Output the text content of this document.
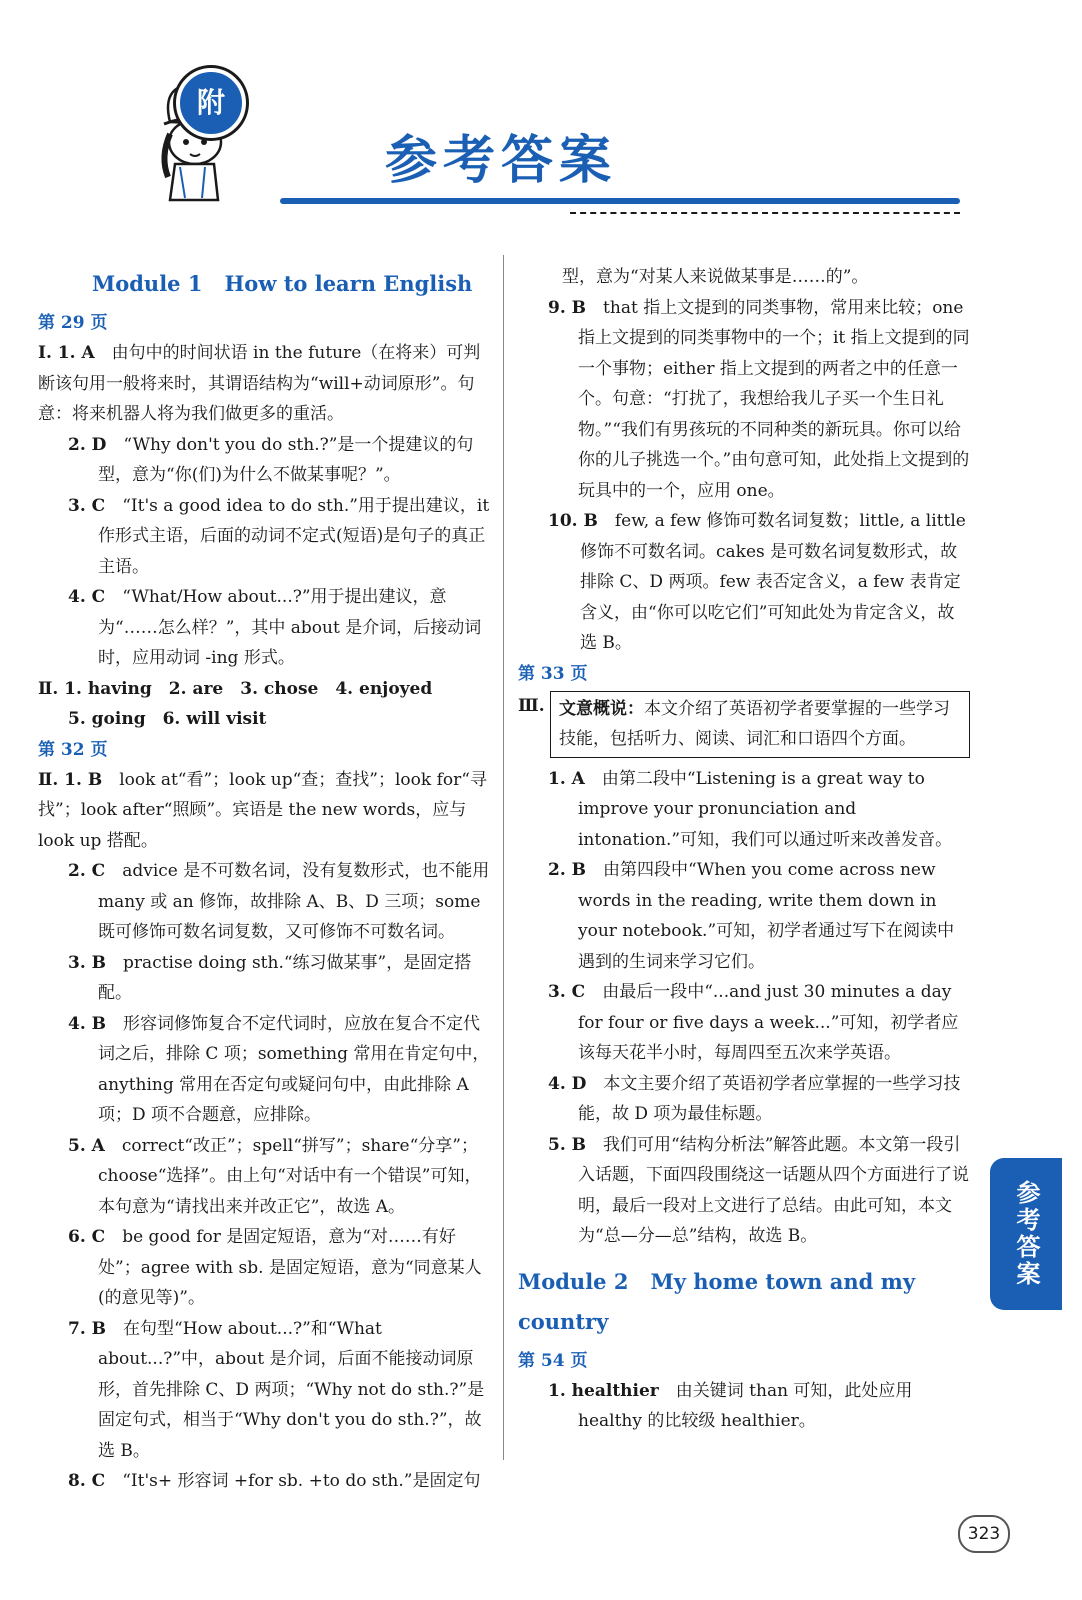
附
参考答案
Module 1 How to learn English
第 29 页
Ⅰ. 1. A　 由句中的时间状语 in the future（在将来）可判断该句用一般将来时，其谓语结构为“will+动词原形”。句意：将来机器人将为我们做更多的重活。
2. D　 “Why don't you do sth.?”是一个提建议的句型，意为“你(们)为什么不做某事呢？”。
3. C　 “It's a good idea to do sth.”用于提出建议，it 作形式主语，后面的动词不定式(短语)是句子的真正主语。
4. C　 “What/How about...?”用于提出建议，意为“……怎么样？”，其中 about 是介词，后接动词时，应用动词 -ing 形式。
Ⅱ. 1. having　2. are　3. chose　4. enjoyed
5. going　6. will visit
第 32 页
Ⅱ. 1. B　 look at“看”；look up“查；查找”；look for“寻找”；look after“照顾”。宾语是 the new words，应与 look up 搭配。
2. C　 advice 是不可数名词，没有复数形式，也不能用 many 或 an 修饰，故排除 A、B、D 三项；some 既可修饰可数名词复数，又可修饰不可数名词。
3. B　 practise doing sth.“练习做某事”，是固定搭配。
4. B　 形容词修饰复合不定代词时，应放在复合不定代词之后，排除 C 项；something 常用在肯定句中，anything 常用在否定句或疑问句中，由此排除 A 项；D 项不合题意，应排除。
5. A　 correct“改正”；spell“拼写”；share“分享”；choose“选择”。由上句“对话中有一个错误”可知，本句意为“请找出来并改正它”，故选 A。
6. C　 be good for 是固定短语，意为“对……有好处”；agree with sb. 是固定短语，意为“同意某人(的意见等)”。
7. B　 在句型“How about...?”和“What about...?”中，about 是介词，后面不能接动词原形，首先排除 C、D 两项；“Why not do sth.?”是固定句式，相当于“Why don't you do sth.?”，故选 B。
8. C　 “It's+ 形容词 +for sb. +to do sth.”是固定句
型，意为“对某人来说做某事是……的”。
9. B　 that 指上文提到的同类事物，常用来比较；one 指上文提到的同类事物中的一个；it 指上文提到的同一个事物；either 指上文提到的两者之中的任意一个。句意：“打扰了，我想给我儿子买一个生日礼物。”“我们有男孩玩的不同种类的新玩具。你可以给你的儿子挑选一个。”由句意可知，此处指上文提到的玩具中的一个，应用 one。
10. B　 few, a few 修饰可数名词复数；little, a little 修饰不可数名词。cakes 是可数名词复数形式，故排除 C、D 两项。few 表否定含义，a few 表肯定含义，由“你可以吃它们”可知此处为肯定含义，故选 B。
第 33 页
Ⅲ. 文意概说：本文介绍了英语初学者要掌握的一些学习技能，包括听力、阅读、词汇和口语四个方面。
1. A　 由第二段中“Listening is a great way to improve your pronunciation and intonation.”可知，我们可以通过听来改善发音。
2. B　 由第四段中“When you come across new words in the reading, write them down in your notebook.”可知，初学者通过写下在阅读中遇到的生词来学习它们。
3. C　 由最后一段中“...and just 30 minutes a day for four or five days a week...”可知，初学者应该每天花半小时，每周四至五次来学英语。
4. D　 本文主要介绍了英语初学者应掌握的一些学习技能，故 D 项为最佳标题。
5. B　 我们可用“结构分析法”解答此题。本文第一段引入话题，下面四段围绕这一话题从四个方面进行了说明，最后一段对上文进行了总结。由此可知，本文为“总—分—总”结构，故选 B。
Module 2 My home town and my country
第 54 页
1. healthier　 由关键词 than 可知，此处应用 healthy 的比较级 healthier。
参考答案
323
